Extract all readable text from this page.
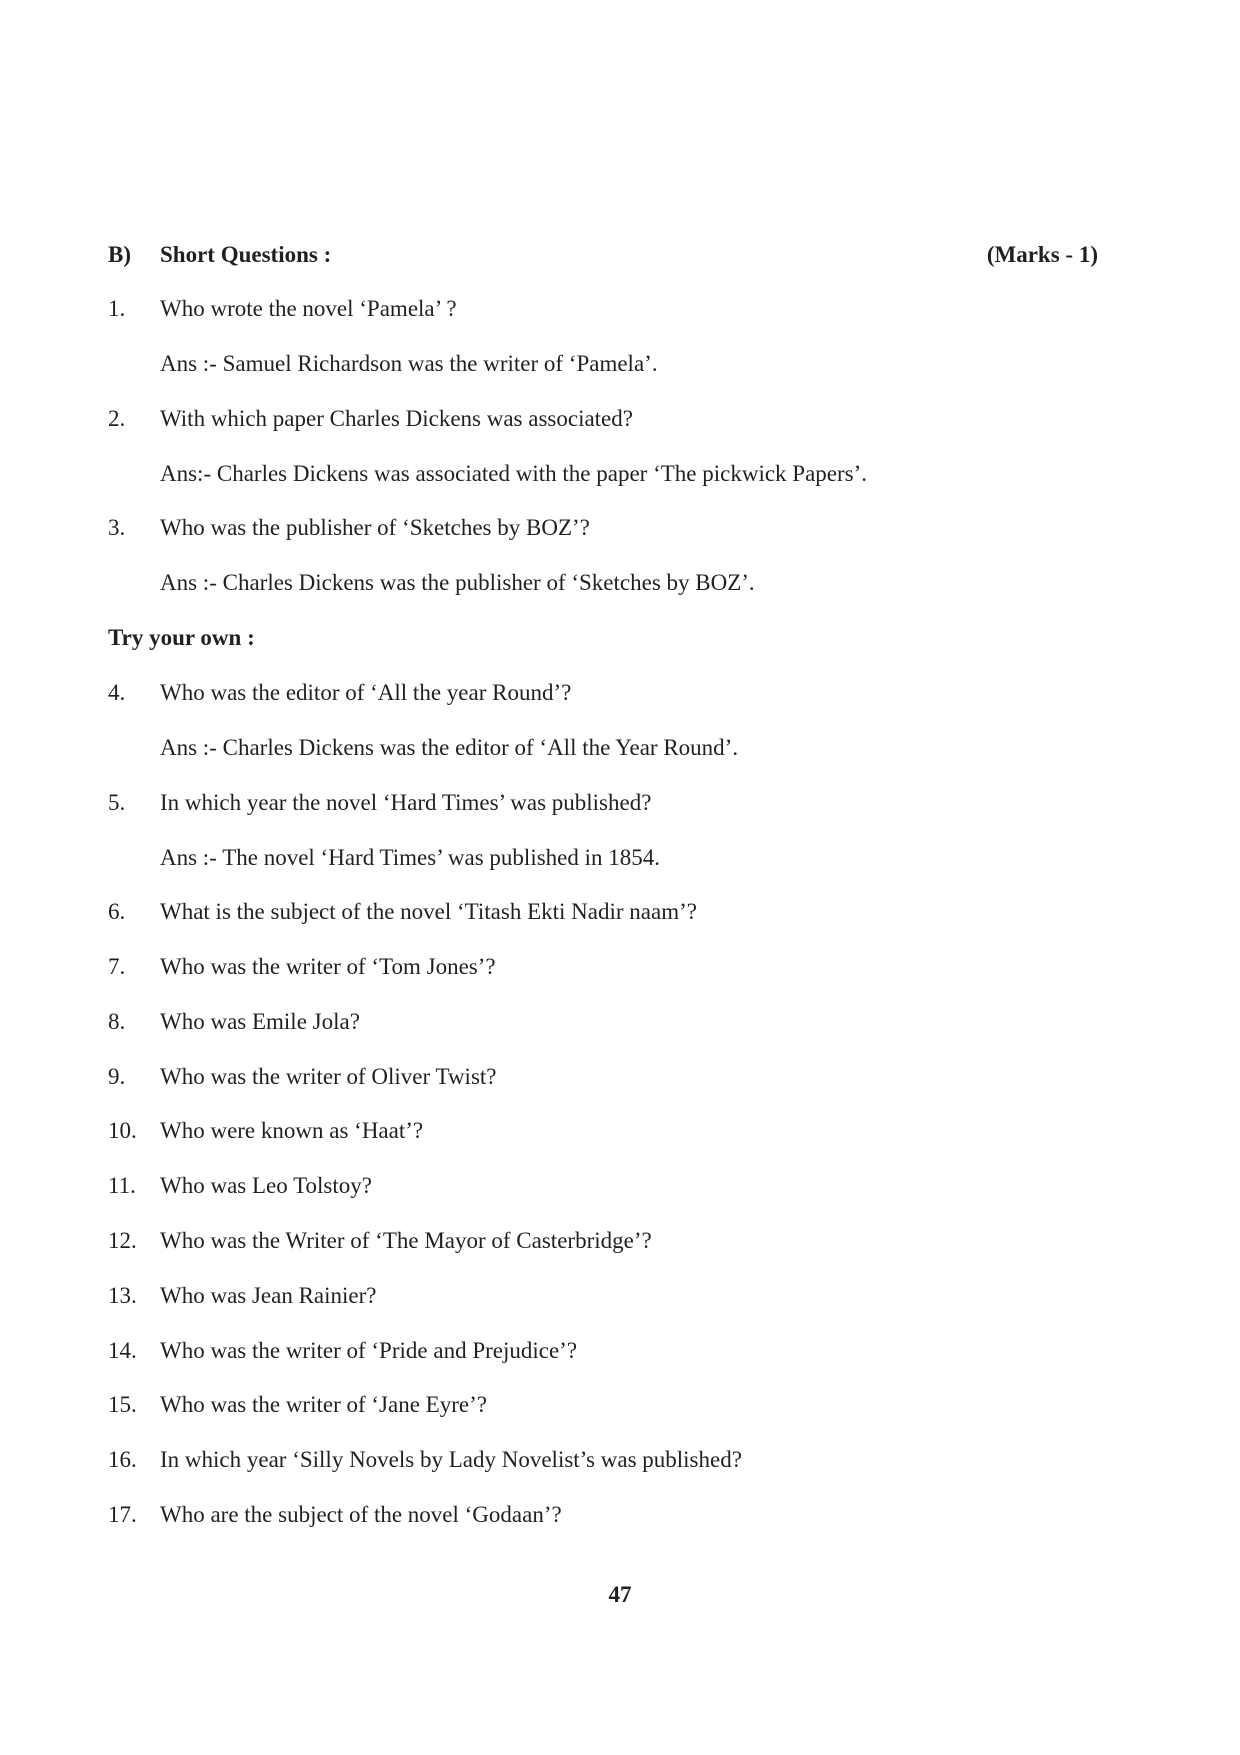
B)	Short Questions :	(Marks - 1)
1.	Who wrote the novel ‘Pamela’ ?
Ans :- Samuel Richardson was the writer of ‘Pamela’.
2.	With which paper Charles Dickens was associated?
Ans:- Charles Dickens was associated with the paper ‘The pickwick Papers’.
3.	Who was the publisher of ‘Sketches by BOZ’?
Ans :- Charles Dickens was the publisher of ‘Sketches by BOZ’.
Try your own :
4.	Who was the editor of ‘All the year Round’?
Ans :- Charles Dickens was the editor of ‘All the Year Round’.
5.	In which year the novel ‘Hard Times’ was published?
Ans :- The novel ‘Hard Times’ was published in 1854.
6.	What is the subject of the novel ‘Titash Ekti Nadir naam’?
7.	Who was the writer of ‘Tom Jones’?
8.	Who was Emile Jola?
9.	Who was the writer of Oliver Twist?
10.	Who were known as ‘Haat’?
11.	Who was Leo Tolstoy?
12.	Who was the Writer of ‘The Mayor of Casterbridge’?
13.	Who was Jean Rainier?
14.	Who was the writer of ‘Pride and Prejudice’?
15.	Who was the writer of ‘Jane Eyre’?
16.	In which year ‘Silly Novels by Lady Novelist’s was published?
17.	Who are the subject of the novel ‘Godaan’?
47
